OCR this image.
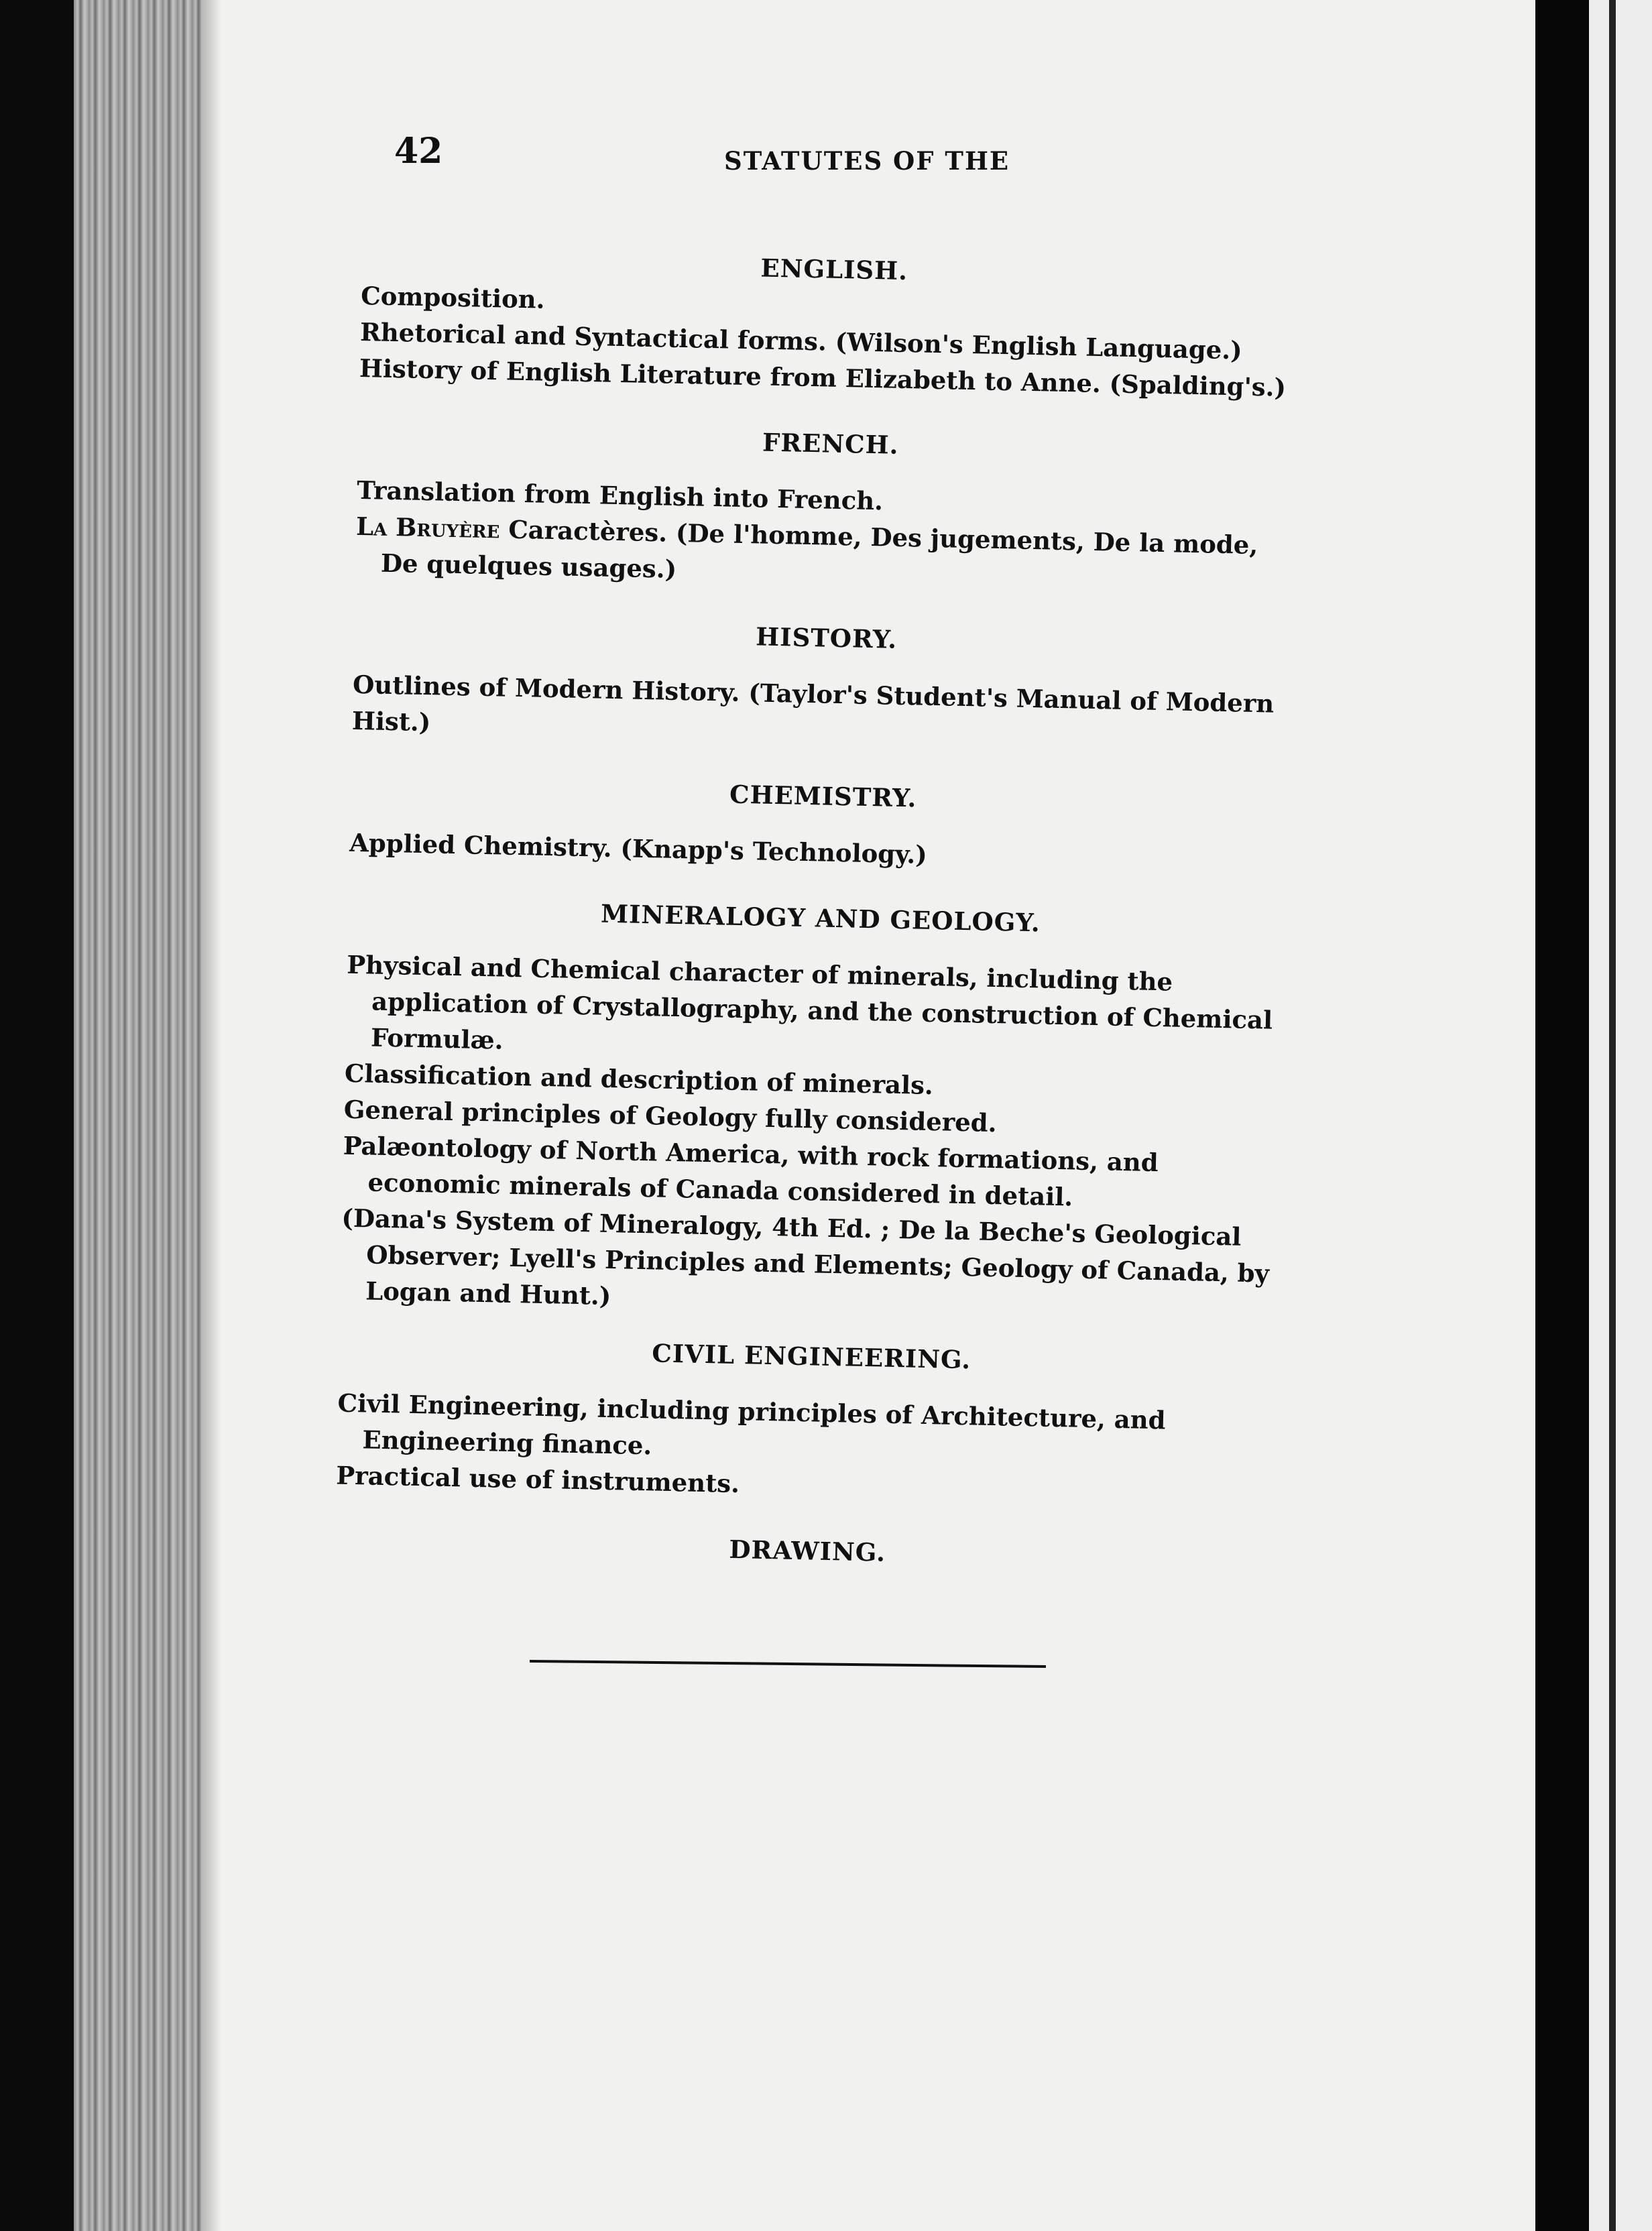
42	STATUTES OF THE
ENGLISH.

Composition.

Rhetorical and Syntactical forms. (Wilson's English Language.)

History of English Literature from Elizabeth to Anne. (Spalding's.)

FRENCH.

Translation from English into French.

La Bruyère Caractères. (De l'homme, Des jugements, De la mode, De quelques usages.)

HISTORY.

Outlines of Modern History. (Taylor's Student's Manual of Modern Hist.)

CHEMISTRY.

Applied Chemistry. (Knapp's Technology.)

MINERALOGY AND GEOLOGY.

Physical and Chemical character of minerals, including the application of Crystallography, and the construction of Chemical Formulæ.

Classification and description of minerals.

General principles of Geology fully considered.

Palæontology of North America, with rock formations, and economic minerals of Canada considered in detail.

(Dana's System of Mineralogy, 4th Ed. ; De la Beche's Geological Observer; Lyell's Principles and Elements; Geology of Canada, by Logan and Hunt.)

CIVIL ENGINEERING.

Civil Engineering, including principles of Architecture, and Engineering finance.

Practical use of instruments.

DRAWING.
